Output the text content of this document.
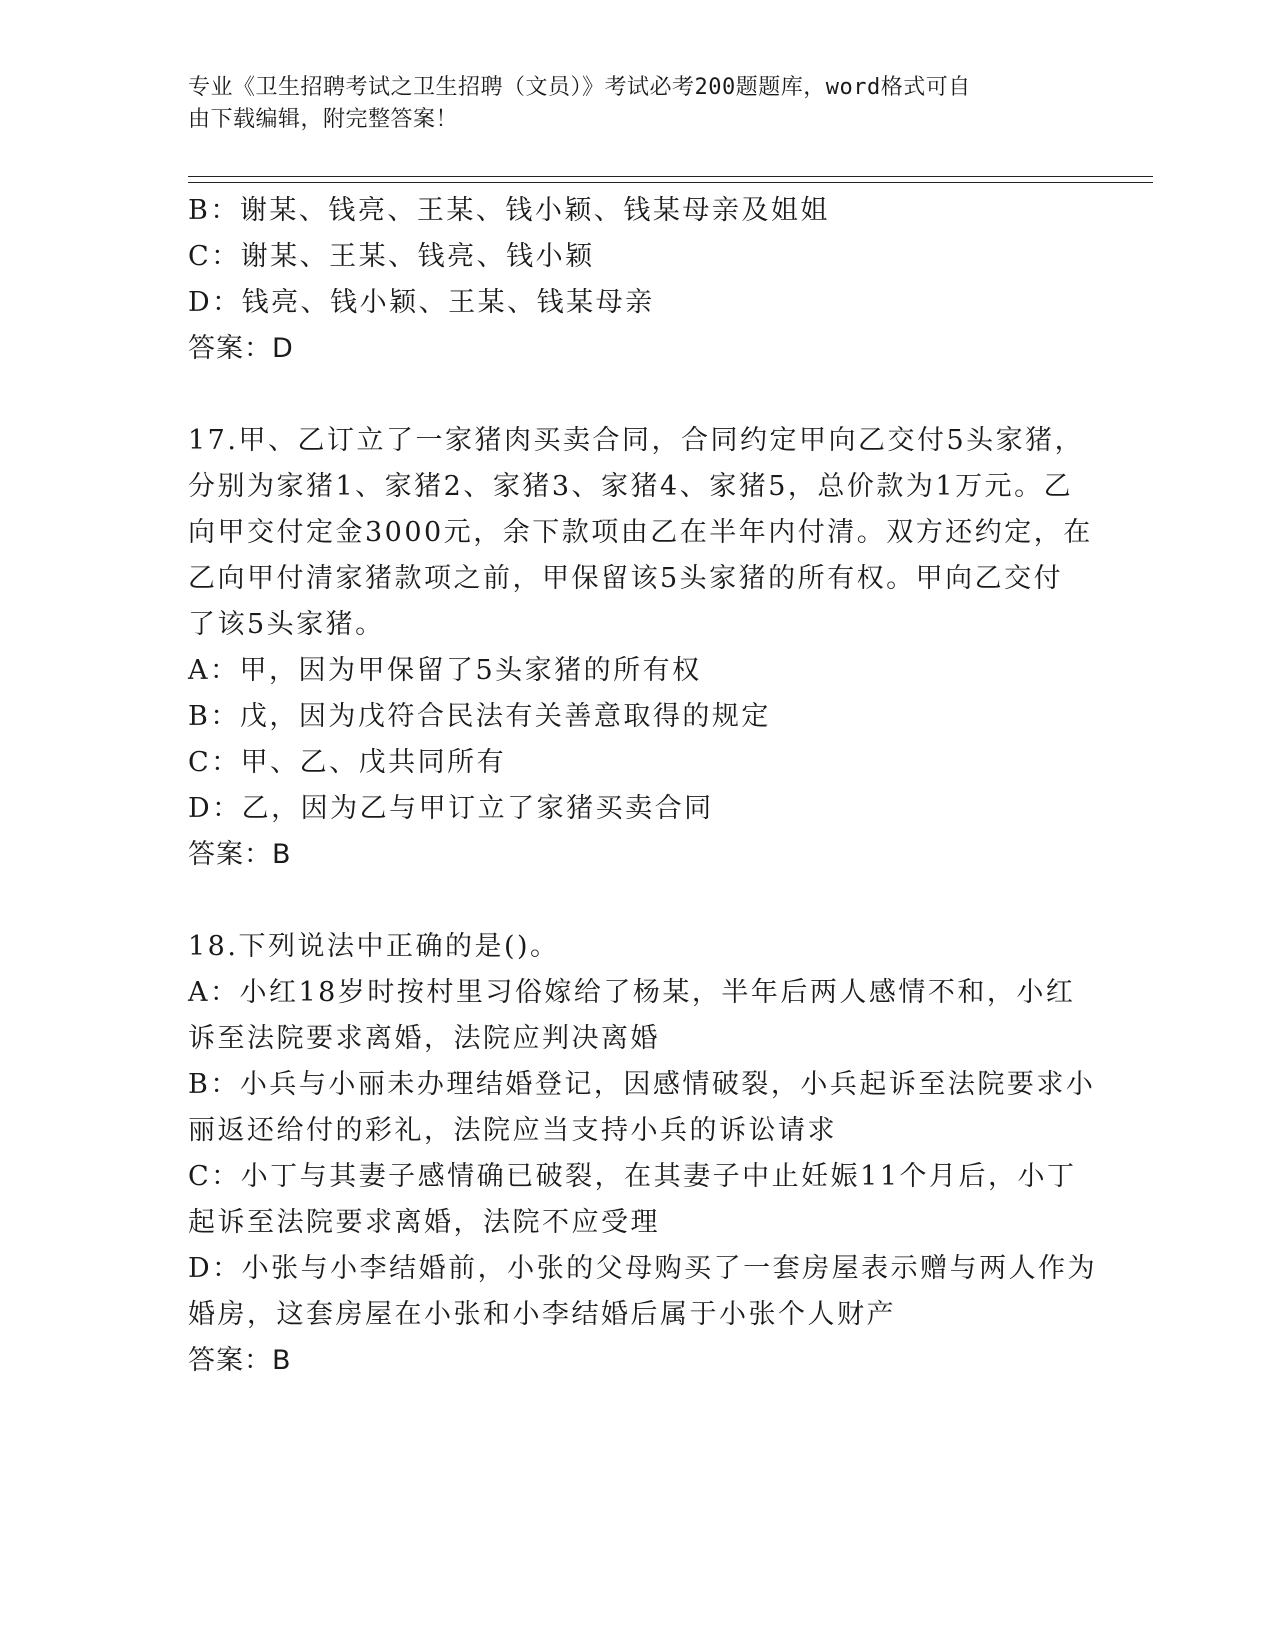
专业《卫生招聘考试之卫生招聘（文员）》考试必考200题题库，word格式可自
由下载编辑，附完整答案！
B：谢某、钱亮、王某、钱小颖、钱某母亲及姐姐
C：谢某、王某、钱亮、钱小颖
D：钱亮、钱小颖、王某、钱某母亲
答案：D
17.甲、乙订立了一家猪肉买卖合同，合同约定甲向乙交付5头家猪，
分别为家猪1、家猪2、家猪3、家猪4、家猪5，总价款为1万元。乙
向甲交付定金3000元，余下款项由乙在半年内付清。双方还约定，在
乙向甲付清家猪款项之前，甲保留该5头家猪的所有权。甲向乙交付
了该5头家猪。
A：甲，因为甲保留了5头家猪的所有权
B：戊，因为戊符合民法有关善意取得的规定
C：甲、乙、戊共同所有
D：乙，因为乙与甲订立了家猪买卖合同
答案：B
18.下列说法中正确的是()。
A：小红18岁时按村里习俗嫁给了杨某，半年后两人感情不和，小红
诉至法院要求离婚，法院应判决离婚
B：小兵与小丽未办理结婚登记，因感情破裂，小兵起诉至法院要求小
丽返还给付的彩礼，法院应当支持小兵的诉讼请求
C：小丁与其妻子感情确已破裂，在其妻子中止妊娠11个月后，小丁
起诉至法院要求离婚，法院不应受理
D：小张与小李结婚前，小张的父母购买了一套房屋表示赠与两人作为
婚房，这套房屋在小张和小李结婚后属于小张个人财产
答案：B
